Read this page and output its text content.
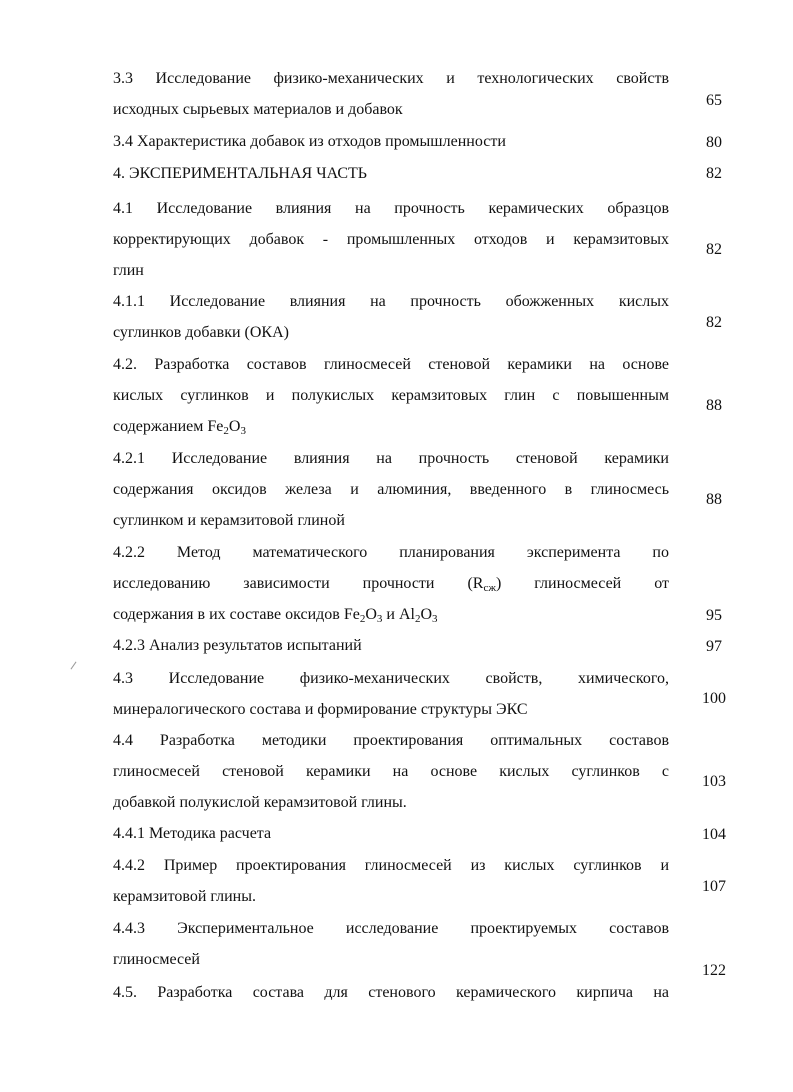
3.3 Исследование физико-механических и технологических свойств
исходных сырьевых материалов и добавок
65
3.4 Характеристика добавок из отходов промышленности	80
4. ЭКСПЕРИМЕНТАЛЬНАЯ ЧАСТЬ	82
4.1 Исследование влияния на прочность керамических образцов
корректирующих добавок - промышленных отходов и керамзитовых
глин
82
4.1.1 Исследование влияния на прочность обожженных кислых
суглинков добавки (ОКА)
82
4.2. Разработка составов глиносмесей стеновой керамики на основе
кислых суглинков и полукислых керамзитовых глин с повышенным
содержанием $Fe_2O_3$
88
4.2.1 Исследование влияния на прочность стеновой керамики
содержания оксидов железа и алюминия, введенного в глиносмесь
суглинком и керамзитовой глиной
88
4.2.2 Метод математического планирования эксперимента по
исследованию зависимости прочности $(R_{сж})$ глиносмесей от
содержания в их составе оксидов $Fe_2O_3$ и $Al_2O_3$	95
4.2.3 Анализ результатов испытаний	97
4.3 Исследование физико-механических свойств, химического,
минералогического состава и формирование структуры ЭКС
100
4.4 Разработка методики проектирования оптимальных составов
глиносмесей стеновой керамики на основе кислых суглинков с
добавкой полукислой керамзитовой глины.
103
4.4.1 Методика расчета	104
4.4.2 Пример проектирования глиносмесей из кислых суглинков и
керамзитовой глины.
107
4.4.3 Экспериментальное исследование проектируемых составов
глиносмесей
122
4.5. Разработка состава для стенового керамического кирпича на
